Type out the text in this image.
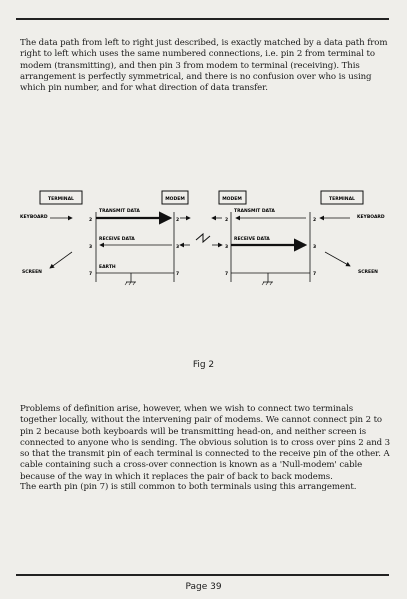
The data path from left to right just described, is exactly matched by a data path from right to left which uses the same numbered connections, i.e. pin 2 from terminal to modem (transmitting), and then pin 3 from modem to terminal (receiving). This arrangement is perfectly symmetrical, and there is no confusion over who is using which pin number, and for what direction of data transfer.

TERMINAL	MODEM	MODEM	TERMINAL
KEYBOARD
2
TRANSMIT DATA
2
RECEIVE DATA
3
3
EARTH
7	7
SCREEN
2
TRANSMIT DATA
2
KEYBOARD
RECEIVE DATA
3	3
7	7	SCREEN
Fig 2

Problems of definition arise, however, when we wish to connect two terminals together locally, without the intervening pair of modems. We cannot connect pin 2 to pin 2 because both keyboards will be transmitting head-on, and neither screen is connected to anyone who is sending. The obvious solution is to cross over pins 2 and 3 so that the transmit pin of each terminal is connected to the receive pin of the other. A cable containing such a cross-over connection is known as a 'Null-modem' cable because of the way in which it replaces the pair of back to back modems.

The earth pin (pin 7) is still common to both terminals using this arrangement.

Page 39
